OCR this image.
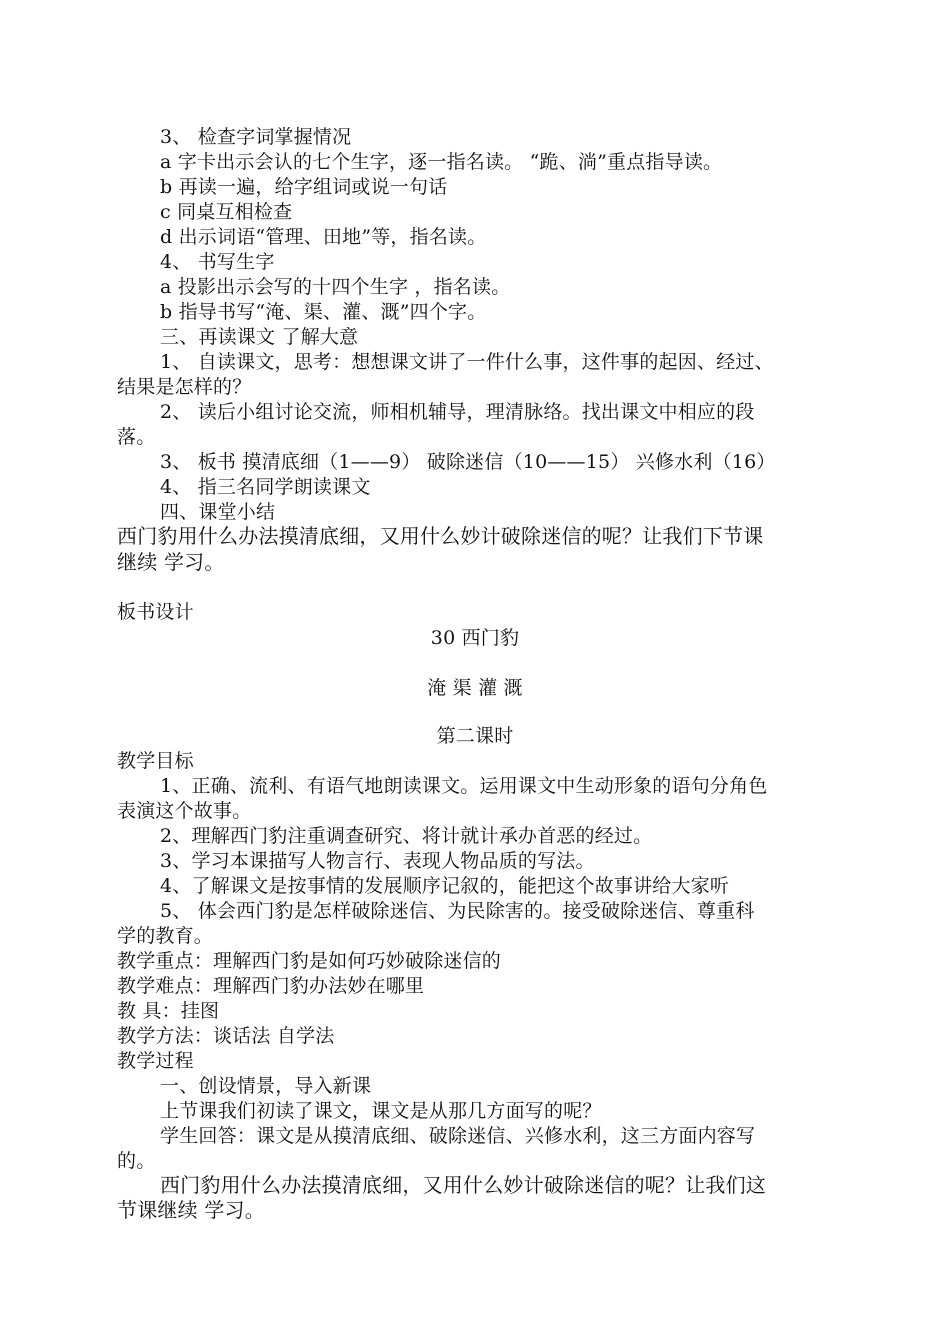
3、 检查字词掌握情况
a 字卡出示会认的七个生字，逐一指名读。 “跪、淌”重点指导读。
b 再读一遍，给字组词或说一句话
c 同桌互相检查
d 出示词语“管理、田地”等，指名读。
4、 书写生字
a 投影出示会写的十四个生字 ，指名读。
b 指导书写“淹、渠、灌、溉”四个字。
三、再读课文 了解大意
1、 自读课文，思考：想想课文讲了一件什么事，这件事的起因、经过、
结果是怎样的？
2、 读后小组讨论交流，师相机辅导，理清脉络。找出课文中相应的段
落。
3、 板书 摸清底细（1——9） 破除迷信（10——15） 兴修水利（16）
4、 指三名同学朗读课文
四、课堂小结
西门豹用什么办法摸清底细，又用什么妙计破除迷信的呢？让我们下节课
继续 学习。
板书设计
30 西门豹
淹 渠 灌 溉
第二课时
教学目标
1、正确、流利、有语气地朗读课文。运用课文中生动形象的语句分角色
表演这个故事。
2、理解西门豹注重调查研究、将计就计承办首恶的经过。
3、学习本课描写人物言行、表现人物品质的写法。
4、了解课文是按事情的发展顺序记叙的，能把这个故事讲给大家听
5、 体会西门豹是怎样破除迷信、为民除害的。接受破除迷信、尊重科
学的教育。
教学重点：理解西门豹是如何巧妙破除迷信的
教学难点：理解西门豹办法妙在哪里
教 具：挂图
教学方法：谈话法 自学法
教学过程
一、创设情景，导入新课
上节课我们初读了课文，课文是从那几方面写的呢？
学生回答：课文是从摸清底细、破除迷信、兴修水利，这三方面内容写
的。
西门豹用什么办法摸清底细，又用什么妙计破除迷信的呢？让我们这
节课继续 学习。
